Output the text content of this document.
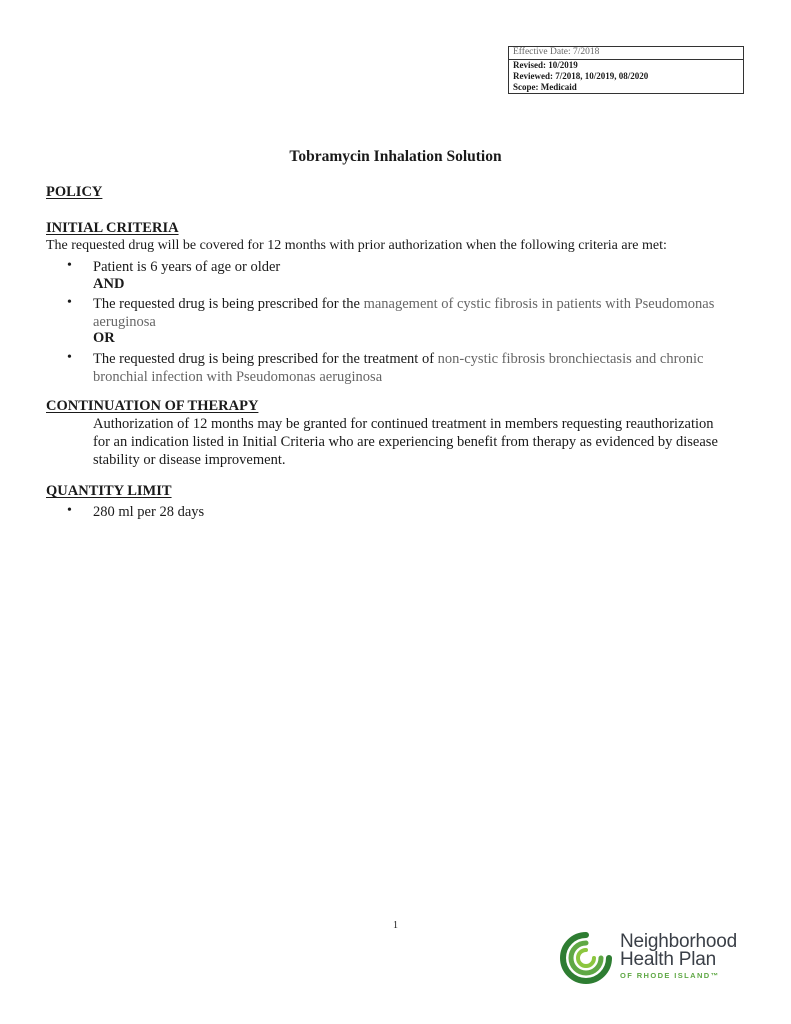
Effective Date: 7/2018
Revised: 10/2019
Reviewed: 7/2018, 10/2019, 08/2020
Scope: Medicaid
Tobramycin Inhalation Solution
POLICY
INITIAL CRITERIA
The requested drug will be covered for 12 months with prior authorization when the following criteria are met:
• Patient is 6 years of age or older
AND
• The requested drug is being prescribed for the management of cystic fibrosis in patients with Pseudomonas
aeruginosa
OR
• The requested drug is being prescribed for the treatment of non-cystic fibrosis bronchiectasis and chronic
bronchial infection with Pseudomonas aeruginosa
CONTINUATION OF THERAPY
Authorization of 12 months may be granted for continued treatment in members requesting reauthorization
for an indication listed in Initial Criteria who are experiencing benefit from therapy as evidenced by disease
stability or disease improvement.
QUANTITY LIMIT
• 280 ml per 28 days
1
Neighborhood
Health Plan
OF RHODE ISLAND™
